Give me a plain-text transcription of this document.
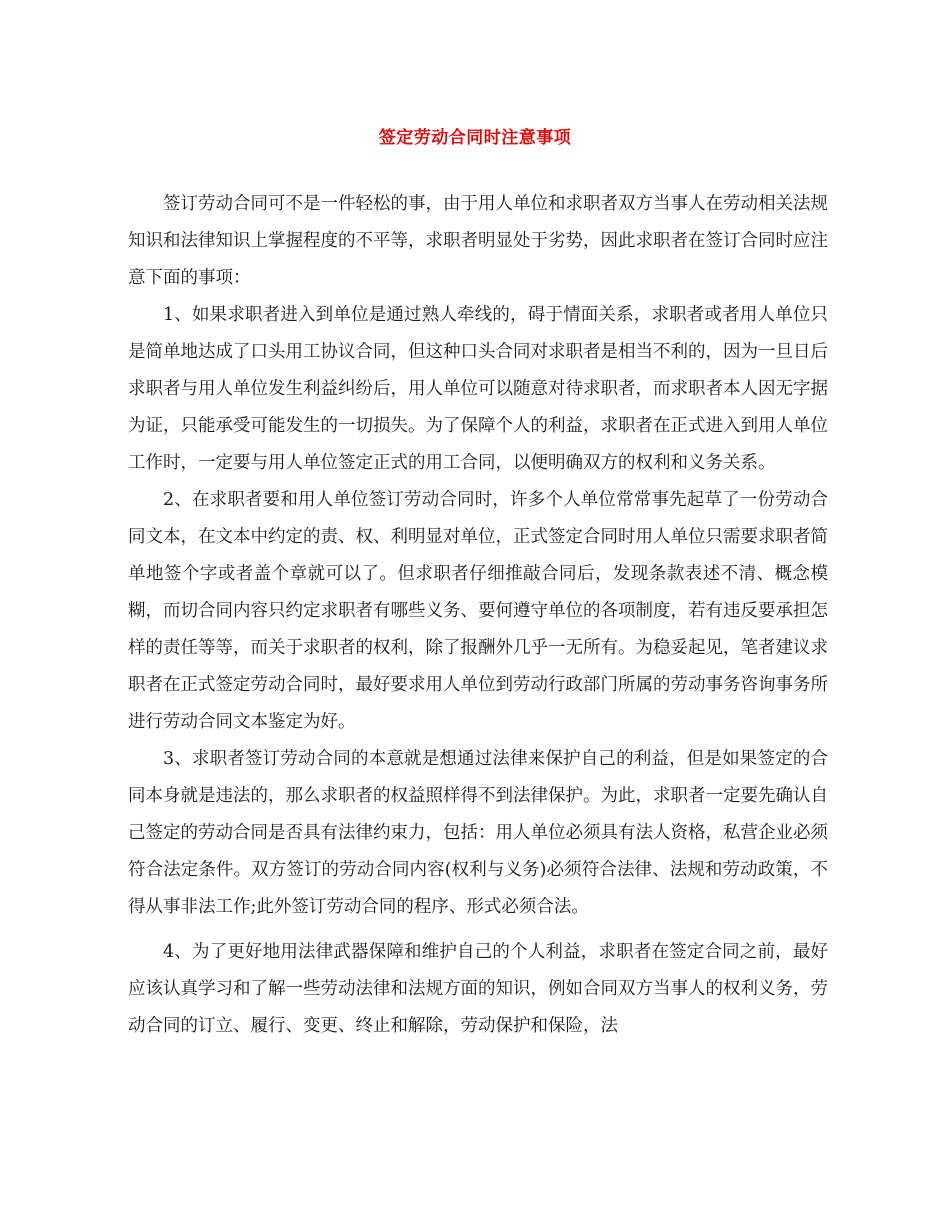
签定劳动合同时注意事项

签订劳动合同可不是一件轻松的事，由于用人单位和求职者双方当事人在劳动相关法规知识和法律知识上掌握程度的不平等，求职者明显处于劣势，因此求职者在签订合同时应注意下面的事项：

1、如果求职者进入到单位是通过熟人牵线的，碍于情面关系，求职者或者用人单位只是简单地达成了口头用工协议合同，但这种口头合同对求职者是相当不利的，因为一旦日后求职者与用人单位发生利益纠纷后，用人单位可以随意对待求职者，而求职者本人因无字据为证，只能承受可能发生的一切损失。为了保障个人的利益，求职者在正式进入到用人单位工作时，一定要与用人单位签定正式的用工合同，以便明确双方的权利和义务关系。

2、在求职者要和用人单位签订劳动合同时，许多个人单位常常事先起草了一份劳动合同文本，在文本中约定的责、权、利明显对单位，正式签定合同时用人单位只需要求职者简单地签个字或者盖个章就可以了。但求职者仔细推敲合同后，发现条款表述不清、概念模糊，而切合同内容只约定求职者有哪些义务、要何遵守单位的各项制度，若有违反要承担怎样的责任等等，而关于求职者的权利，除了报酬外几乎一无所有。为稳妥起见，笔者建议求职者在正式签定劳动合同时，最好要求用人单位到劳动行政部门所属的劳动事务咨询事务所进行劳动合同文本鉴定为好。

3、求职者签订劳动合同的本意就是想通过法律来保护自己的利益，但是如果签定的合同本身就是违法的，那么求职者的权益照样得不到法律保护。为此，求职者一定要先确认自己签定的劳动合同是否具有法律约束力，包括：用人单位必须具有法人资格，私营企业必须符合法定条件。双方签订的劳动合同内容(权利与义务)必须符合法律、法规和劳动政策，不得从事非法工作;此外签订劳动合同的程序、形式必须合法。

4、为了更好地用法律武器保障和维护自己的个人利益，求职者在签定合同之前，最好应该认真学习和了解一些劳动法律和法规方面的知识，例如合同双方当事人的权利义务，劳动合同的订立、履行、变更、终止和解除，劳动保护和保险，法
